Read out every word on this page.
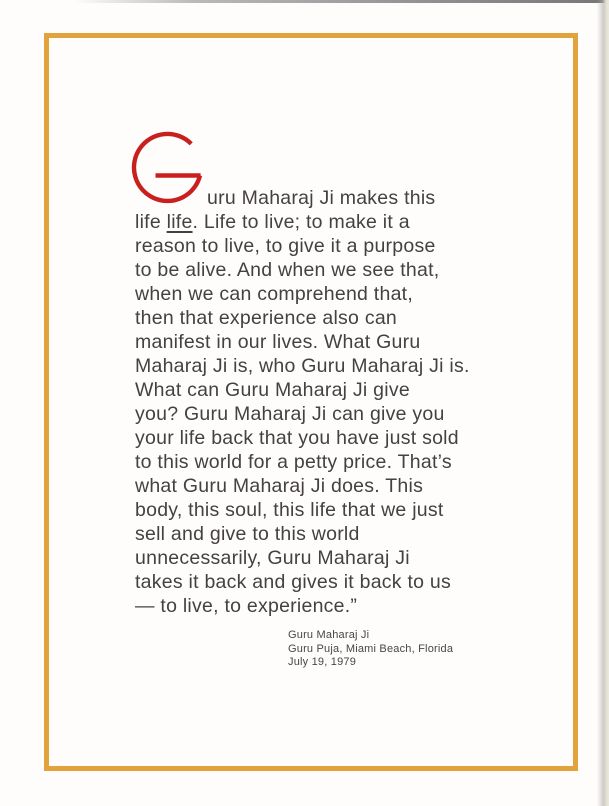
uru Maharaj Ji makes this
life life. Life to live; to make it a
reason to live, to give it a purpose
to be alive. And when we see that,
when we can comprehend that,
then that experience also can
manifest in our lives. What Guru
Maharaj Ji is, who Guru Maharaj Ji is.
What can Guru Maharaj Ji give
you? Guru Maharaj Ji can give you
your life back that you have just sold
to this world for a petty price. That’s
what Guru Maharaj Ji does. This
body, this soul, this life that we just
sell and give to this world
unnecessarily, Guru Maharaj Ji
takes it back and gives it back to us
— to live, to experience.”
Guru Maharaj Ji
Guru Puja, Miami Beach, Florida
July 19, 1979
